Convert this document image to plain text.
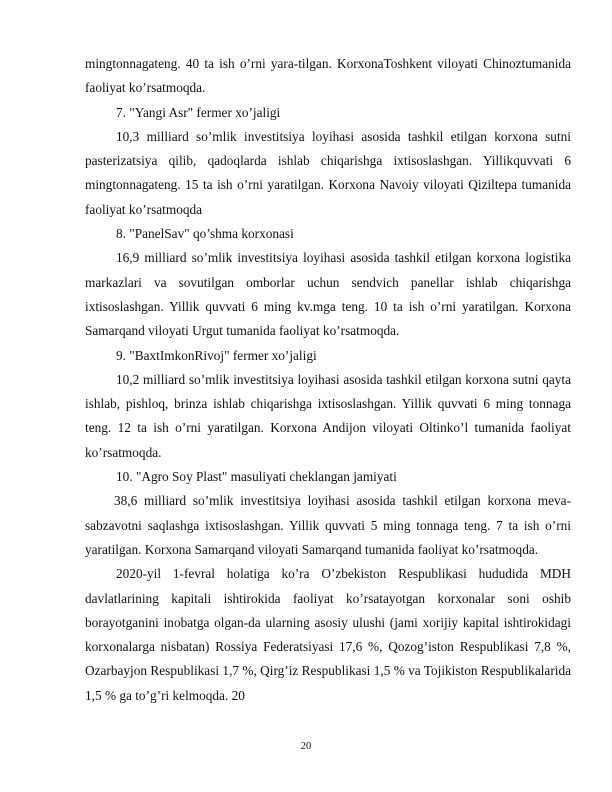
mingtonnagateng. 40 ta ish o’rni yara-tilgan. KorxonaToshkent viloyati Chinoztumanida faoliyat ko’rsatmoqda.

7. "Yangi Asr" fermer xo’jaligi

10,3 milliard so’mlik investitsiya loyihasi asosida tashkil etilgan korxona sutni pasterizatsiya qilib, qadoqlarda ishlab chiqarishga ixtisoslashgan. Yillikquvvati 6 mingtonnagateng. 15 ta ish o’rni yaratilgan. Korxona Navoiy viloyati Qiziltepa tumanida faoliyat ko’rsatmoqda

8. "PanelSav" qo’shma korxonasi

16,9 milliard so’mlik investitsiya loyihasi asosida tashkil etilgan korxona logistika markazlari va sovutilgan omborlar uchun sendvich panellar ishlab chiqarishga ixtisoslashgan. Yillik quvvati 6 ming kv.mga teng. 10 ta ish o’rni yaratilgan. Korxona Samarqand viloyati Urgut tumanida faoliyat ko’rsatmoqda.

9. "BaxtImkonRivoj" fermer xo’jaligi

10,2 milliard so’mlik investitsiya loyihasi asosida tashkil etilgan korxona sutni qayta ishlab, pishloq, brinza ishlab chiqarishga ixtisoslashgan. Yillik quvvati 6 ming tonnaga teng. 12 ta ish o’rni yaratilgan. Korxona Andijon viloyati Oltinko’l tumanida faoliyat ko’rsatmoqda.

10. "Agro Soy Plast" masuliyati cheklangan jamiyati

38,6 milliard so’mlik investitsiya loyihasi asosida tashkil etilgan korxona meva-sabzavotni saqlashga ixtisoslashgan. Yillik quvvati 5 ming tonnaga teng. 7 ta ish o’rni yaratilgan. Korxona Samarqand viloyati Samarqand tumanida faoliyat ko’rsatmoqda.

2020-yil 1-fevral holatiga ko’ra O’zbekiston Respublikasi hududida MDH davlatlarining kapitali ishtirokida faoliyat ko’rsatayotgan korxonalar soni oshib borayotganini inobatga olgan-da ularning asosiy ulushi (jami xorijiy kapital ishtirokidagi korxonalarga nisbatan) Rossiya Federatsiyasi 17,6 %, Qozog’iston Respublikasi 7,8 %, Ozarbayjon Respublikasi 1,7 %, Qirg’iz Respublikasi 1,5 % va Tojikiston Respublikalarida 1,5 % ga to’g’ri kelmoqda. 20

20
